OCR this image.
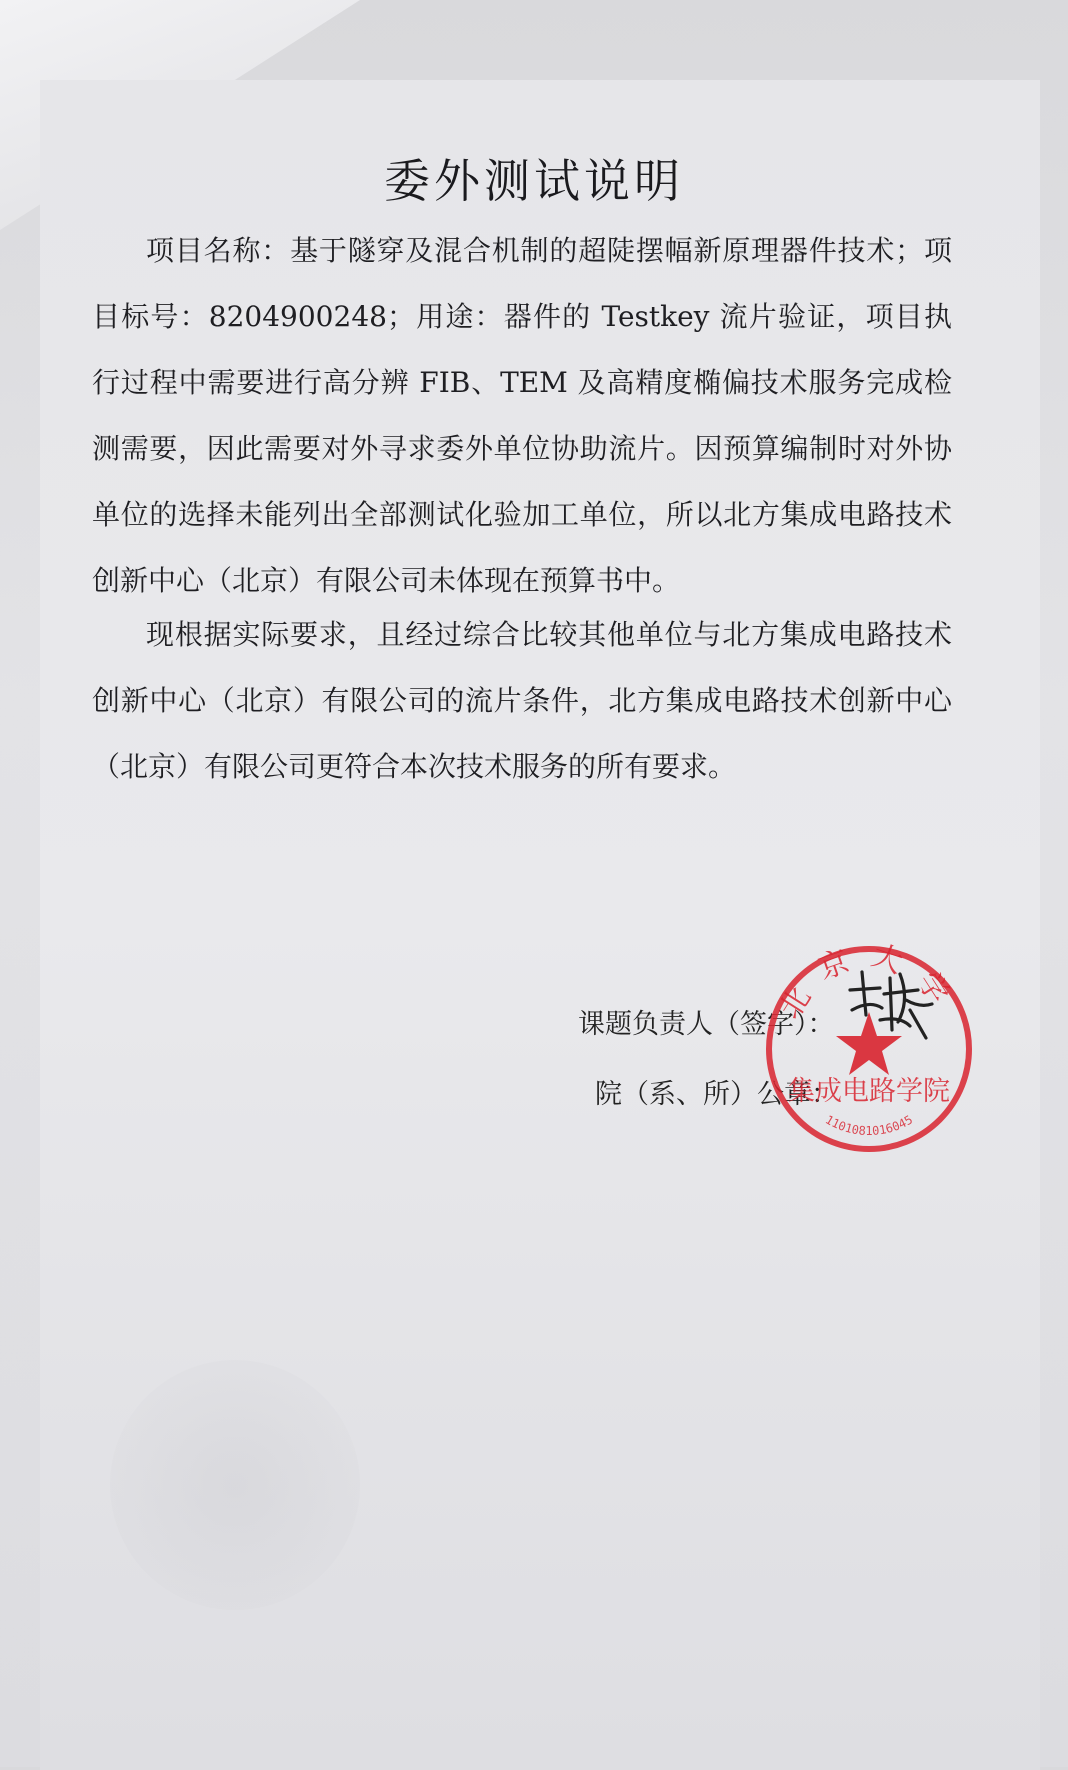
委外测试说明
项目名称：基于隧穿及混合机制的超陡摆幅新原理器件技术；项目标号：8204900248；用途：器件的 Testkey 流片验证，项目执行过程中需要进行高分辨 FIB、TEM 及高精度椭偏技术服务完成检测需要，因此需要对外寻求委外单位协助流片。因预算编制时对外协单位的选择未能列出全部测试化验加工单位，所以北方集成电路技术创新中心（北京）有限公司未体现在预算书中。
现根据实际要求，且经过综合比较其他单位与北方集成电路技术创新中心（北京）有限公司的流片条件，北方集成电路技术创新中心（北京）有限公司更符合本次技术服务的所有要求。
课题负责人（签字）：
院（系、所）公章：
北京大学
集成电路学院
1101081016045
